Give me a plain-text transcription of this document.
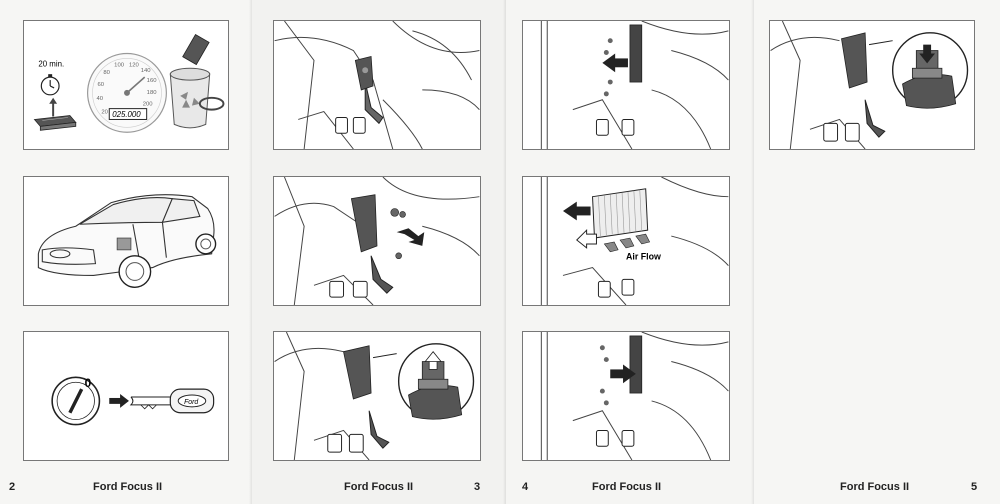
20 min.
20
40
60
80
100 120
140
160
180
200
025.000
0
Ford
2	Ford Focus II	Ford Focus II	3
Air Flow
4	Ford Focus II	Ford Focus II	5
